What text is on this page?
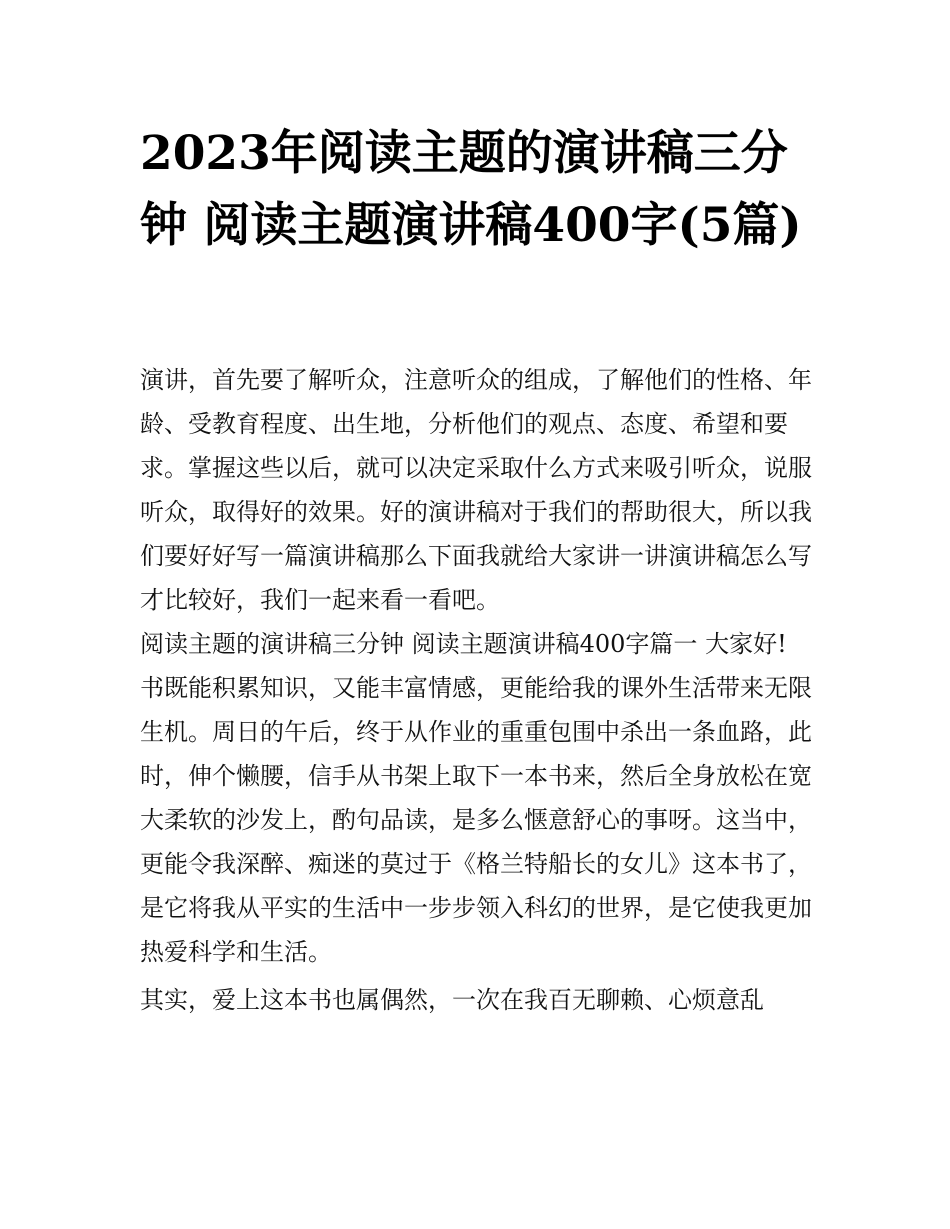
2023年阅读主题的演讲稿三分钟 阅读主题演讲稿400字(5篇)

演讲，首先要了解听众，注意听众的组成，了解他们的性格、年龄、受教育程度、出生地，分析他们的观点、态度、希望和要求。掌握这些以后，就可以决定采取什么方式来吸引听众，说服听众，取得好的效果。好的演讲稿对于我们的帮助很大，所以我们要好好写一篇演讲稿那么下面我就给大家讲一讲演讲稿怎么写才比较好，我们一起来看一看吧。

阅读主题的演讲稿三分钟 阅读主题演讲稿400字篇一 大家好!

书既能积累知识，又能丰富情感，更能给我的课外生活带来无限生机。周日的午后，终于从作业的重重包围中杀出一条血路，此时，伸个懒腰，信手从书架上取下一本书来，然后全身放松在宽大柔软的沙发上，酌句品读，是多么惬意舒心的事呀。这当中，更能令我深醉、痴迷的莫过于《格兰特船长的女儿》这本书了，是它将我从平实的生活中一步步领入科幻的世界，是它使我更加热爱科学和生活。

其实，爱上这本书也属偶然，一次在我百无聊赖、心烦意乱
